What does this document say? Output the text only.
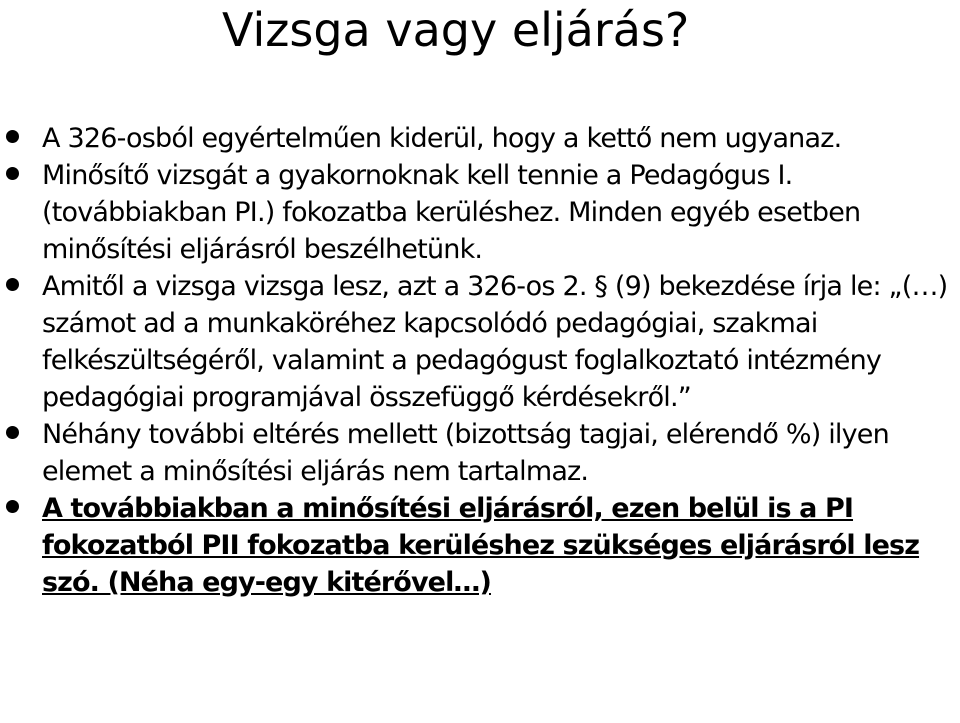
Vizsga vagy eljárás?
A 326-osból egyértelműen kiderül, hogy a kettő nem ugyanaz.
Minősítő vizsgát a gyakornoknak kell tennie a Pedagógus I. (továbbiakban PI.) fokozatba kerüléshez. Minden egyéb esetben minősítési eljárásról beszélhetünk.
Amitől a vizsga vizsga lesz, azt a 326-os 2. § (9) bekezdése írja le: „(…) számot ad a munkaköréhez kapcsolódó pedagógiai, szakmai felkészültségéről, valamint a pedagógust foglalkoztató intézmény pedagógiai programjával összefüggő kérdésekről.”
Néhány további eltérés mellett (bizottság tagjai, elérendő %) ilyen elemet a minősítési eljárás nem tartalmaz.
A továbbiakban a minősítési eljárásról, ezen belül is a PI fokozatból PII fokozatba kerüléshez szükséges eljárásról lesz szó. (Néha egy-egy kitérővel…)
